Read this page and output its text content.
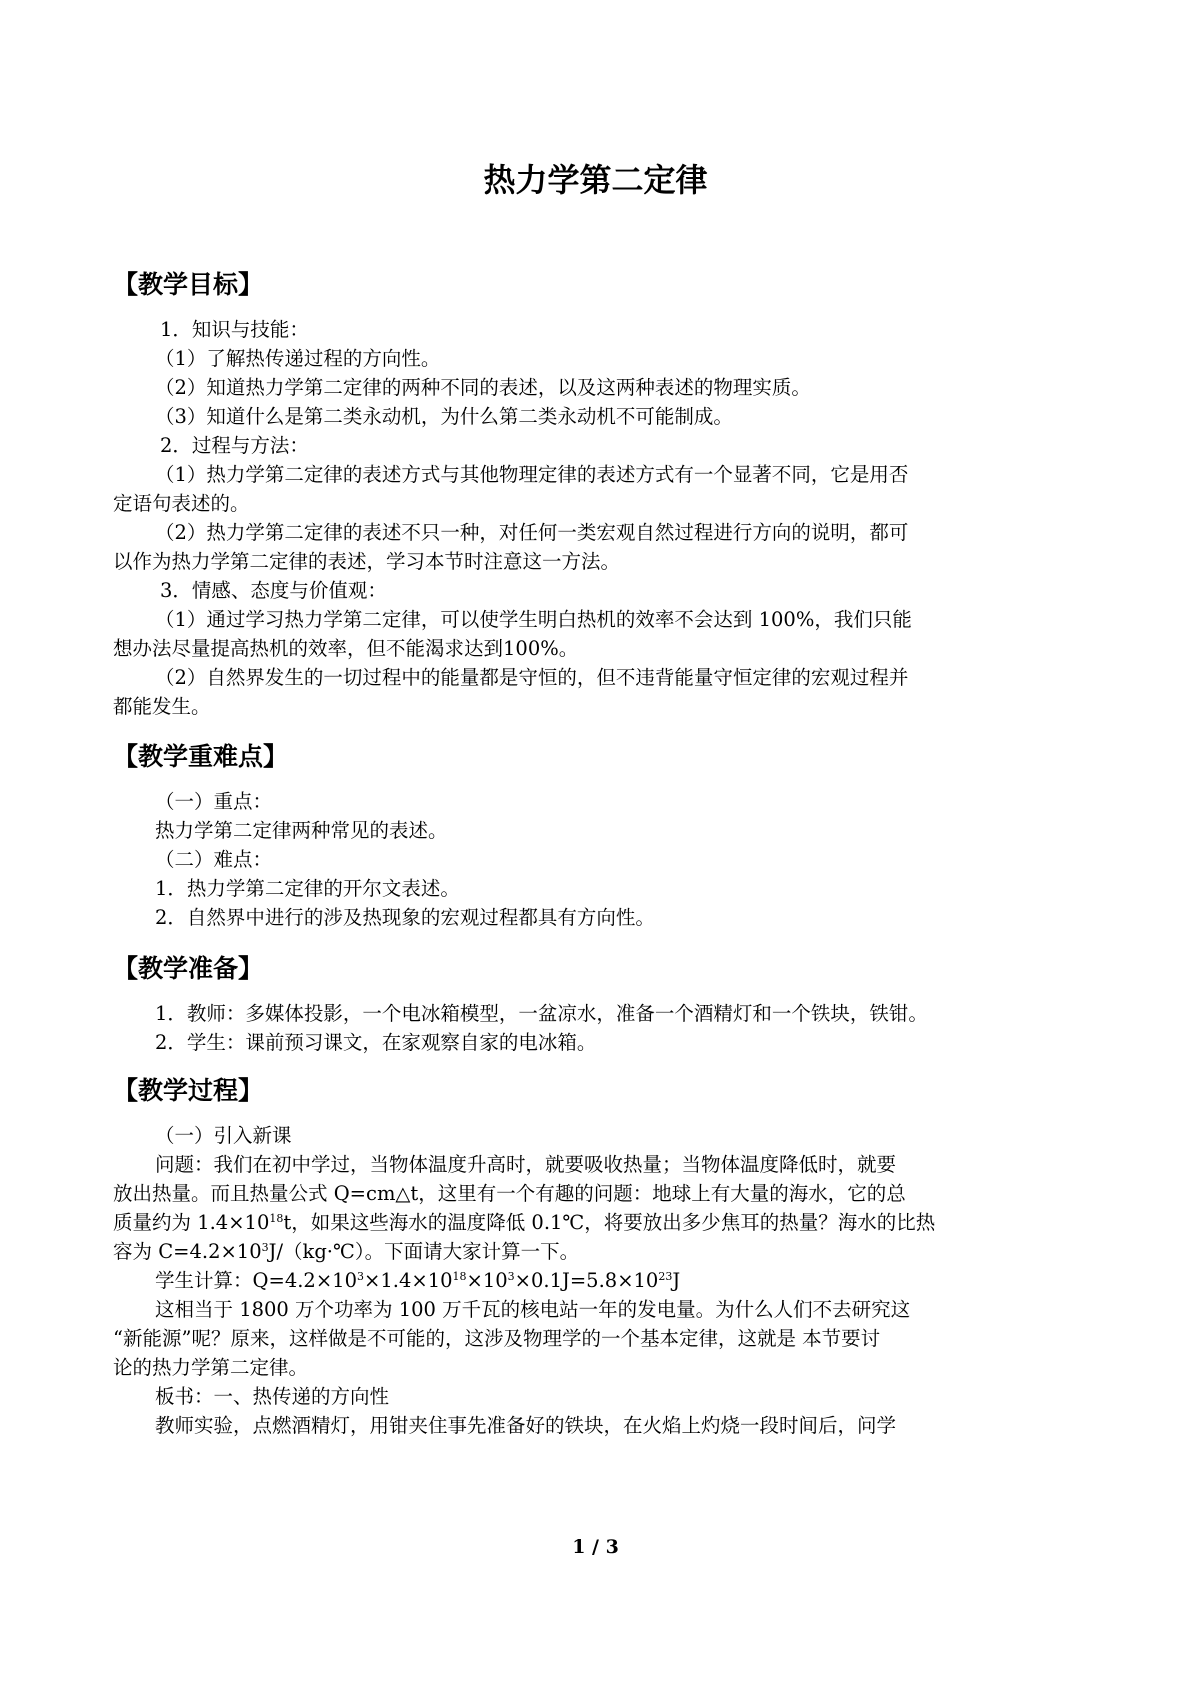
热力学第二定律
【教学目标】
1．知识与技能：
（1）了解热传递过程的方向性。
（2）知道热力学第二定律的两种不同的表述，以及这两种表述的物理实质。
（3）知道什么是第二类永动机，为什么第二类永动机不可能制成。
2．过程与方法：
（1）热力学第二定律的表述方式与其他物理定律的表述方式有一个显著不同，它是用否
定语句表述的。
（2）热力学第二定律的表述不只一种，对任何一类宏观自然过程进行方向的说明，都可
以作为热力学第二定律的表述，学习本节时注意这一方法。
3．情感、态度与价值观：
（1）通过学习热力学第二定律，可以使学生明白热机的效率不会达到 100%，我们只能
想办法尽量提高热机的效率，但不能渴求达到100%。
（2）自然界发生的一切过程中的能量都是守恒的，但不违背能量守恒定律的宏观过程并
都能发生。
【教学重难点】
（一）重点：
热力学第二定律两种常见的表述。
（二）难点：
1．热力学第二定律的开尔文表述。
2．自然界中进行的涉及热现象的宏观过程都具有方向性。
【教学准备】
1．教师：多媒体投影，一个电冰箱模型，一盆凉水，准备一个酒精灯和一个铁块，铁钳。
2．学生：课前预习课文，在家观察自家的电冰箱。
【教学过程】
（一）引入新课
问题：我们在初中学过，当物体温度升高时，就要吸收热量；当物体温度降低时，就要
放出热量。而且热量公式 Q=cm△t，这里有一个有趣的问题：地球上有大量的海水，它的总
质量约为 $1.4\times 10^{18}t$，如果这些海水的温度降低 0.1℃，将要放出多少焦耳的热量？海水的比热
容为 $C=4.2\times 10^3J/(kg\cdot℃)$。下面请大家计算一下。
学生计算：$Q=4.2\times 10^3\times 1.4\times 10^{18}\times 10^3\times 0.1J=5.8\times 10^{23}J$
这相当于 1800 万个功率为 100 万千瓦的核电站一年的发电量。为什么人们不去研究这
“新能源”呢？原来，这样做是不可能的，这涉及物理学的一个基本定律，这就是 本节要讨
论的热力学第二定律。
板书：一、热传递的方向性
教师实验，点燃酒精灯，用钳夹住事先准备好的铁块，在火焰上灼烧一段时间后，问学
1 / 3
